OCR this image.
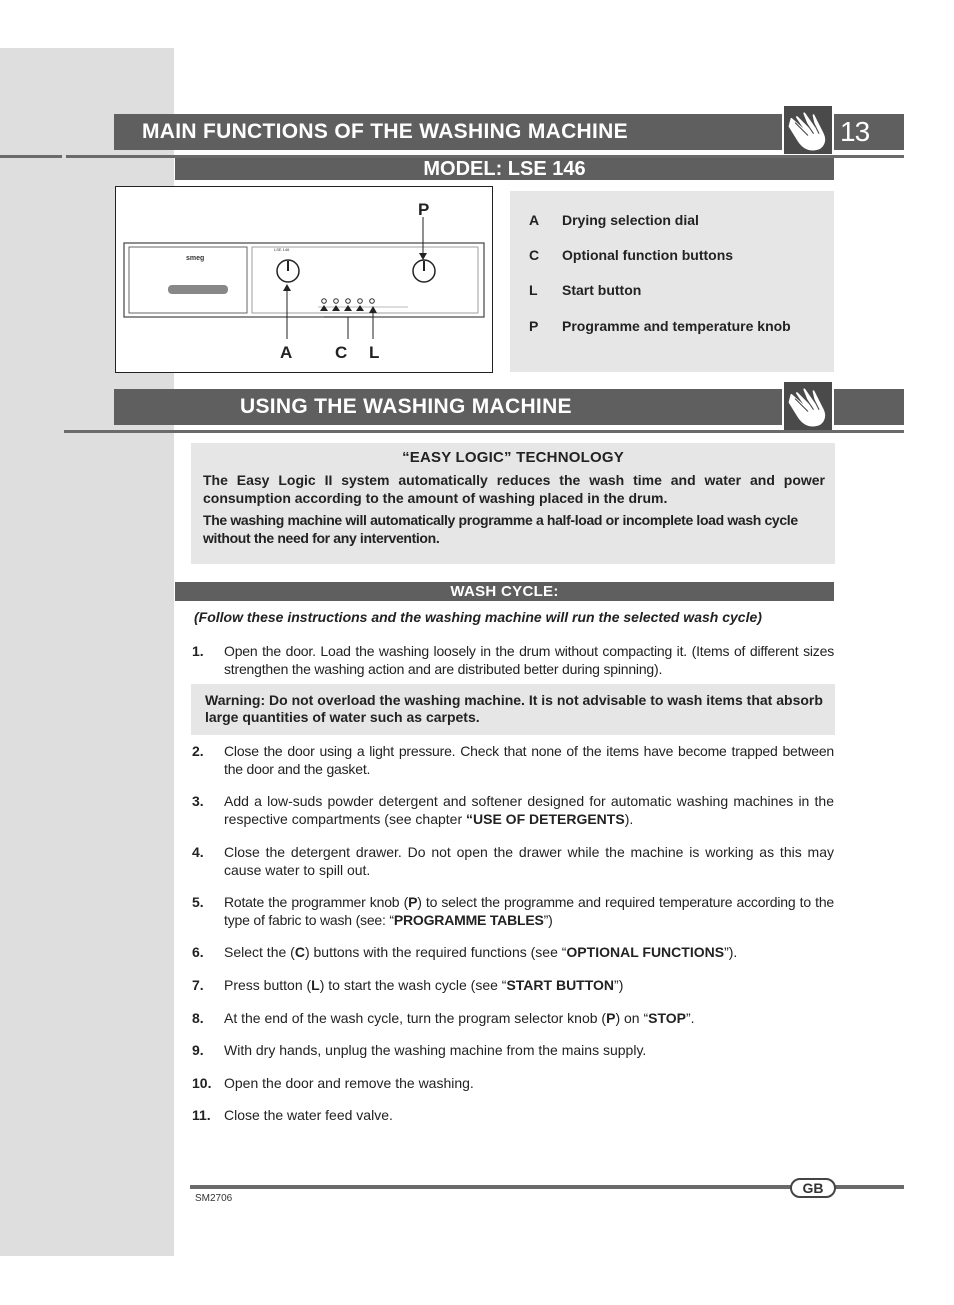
MAIN FUNCTIONS OF THE WASHING MACHINE	13
MODEL: LSE 146
LSE 146
smeg
P
A	C L
A Drying selection dial
C Optional function buttons
L Start button
P Programme and temperature knob
USING THE WASHING MACHINE
“EASY LOGIC” TECHNOLOGY
The Easy Logic II system automatically reduces the wash time and water and power consumption according to the amount of washing placed in the drum.
The washing machine will automatically programme a half-load or incomplete load wash cycle without the need for any intervention.
WASH CYCLE:
(Follow these instructions and the washing machine will run the selected wash cycle)
1. Open the door. Load the washing loosely in the drum without compacting it. (Items of different sizes strengthen the washing action and are distributed better during spinning).
Warning: Do not overload the washing machine. It is not advisable to wash items that absorb large quantities of water such as carpets.
2. Close the door using a light pressure. Check that none of the items have become trapped between the door and the gasket.
3. Add a low-suds powder detergent and softener designed for automatic washing machines in the respective compartments (see chapter “USE OF DETERGENTS).
4. Close the detergent drawer. Do not open the drawer while the machine is working as this may cause water to spill out.
5. Rotate the programmer knob (P) to select the programme and required temperature according to the type of fabric to wash (see: “PROGRAMME TABLES”)
6. Select the (C) buttons with the required functions (see “OPTIONAL FUNCTIONS”).
7. Press button (L) to start the wash cycle (see “START BUTTON”)
8. At the end of the wash cycle, turn the program selector knob (P) on “STOP”.
9. With dry hands, unplug the washing machine from the mains supply.
10. Open the door and remove the washing.
11. Close the water feed valve.
GB
SM2706
